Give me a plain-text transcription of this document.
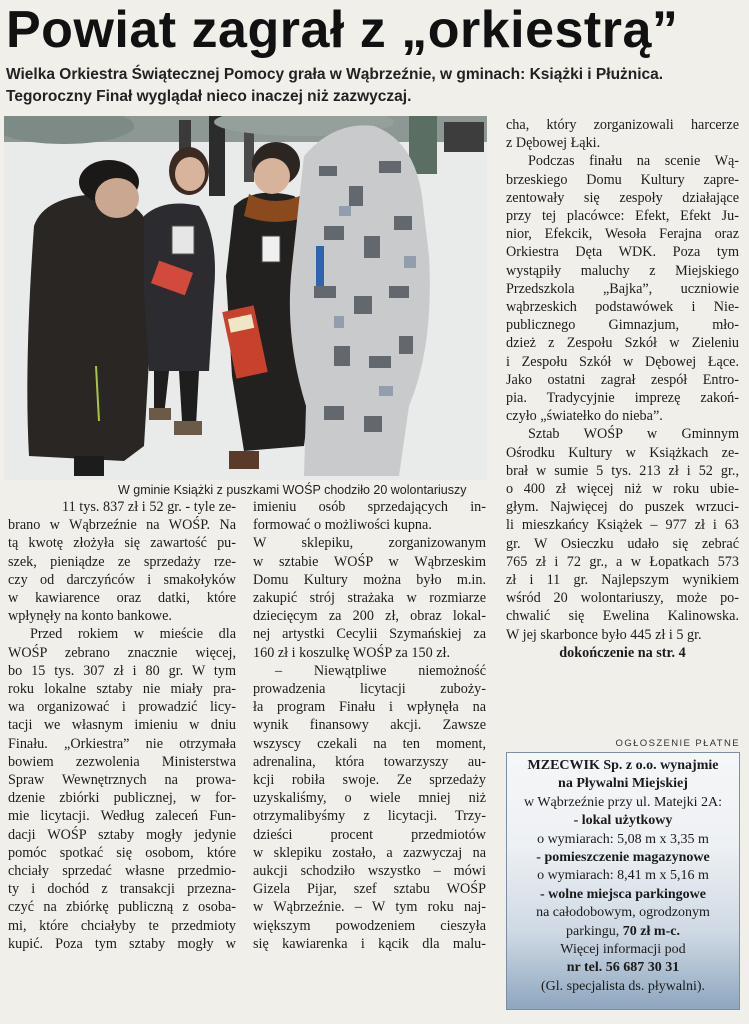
Powiat zagrał z „orkiestrą”
Wielka Orkiestra Świątecznej Pomocy grała w Wąbrzeźnie, w gminach: Książki i Płużnica.
Tegoroczny Finał wyglądał nieco inaczej niż zazwyczaj.
W gminie Książki z puszkami WOŚP chodziło 20 wolontariuszy
11 tys. 837 zł i 52 gr. - tyle ze-
brano w Wąbrzeźnie na WOŚP. Na
tą kwotę złożyła się zawartość pu-
szek, pieniądze ze sprzedaży rze-
czy od darczyńców i smakołyków
w kawiarence oraz datki, które
wpłynęły na konto bankowe.
Przed rokiem w mieście dla
WOŚP zebrano znacznie więcej,
bo 15 tys. 307 zł i 80 gr. W tym
roku lokalne sztaby nie miały pra-
wa organizować i prowadzić licy-
tacji we własnym imieniu w dniu
Finału. „Orkiestra” nie otrzymała
bowiem zezwolenia Ministerstwa
Spraw Wewnętrznych na prowa-
dzenie zbiórki publicznej, w for-
mie licytacji. Według zaleceń Fun-
dacji WOŚP sztaby mogły jedynie
pomóc spotkać się osobom, które
chciały sprzedać własne przedmio-
ty i dochód z transakcji przezna-
czyć na zbiórkę publiczną z osoba-
mi, które chciałyby te przedmioty
kupić. Poza tym sztaby mogły w
imieniu osób sprzedających in-
formować o możliwości kupna.
W sklepiku, zorganizowanym
w sztabie WOŚP w Wąbrzeskim
Domu Kultury można było m.in.
zakupić strój strażaka w rozmiarze
dziecięcym za 200 zł, obraz lokal-
nej artystki Cecylii Szymańskiej za
160 zł i koszulkę WOŚP za 150 zł.
– Niewątpliwe niemożność
prowadzenia licytacji zuboży-
ła program Finału i wpłynęła na
wynik finansowy akcji. Zawsze
wszyscy czekali na ten moment,
adrenalina, która towarzyszy au-
kcji robiła swoje. Ze sprzedaży
uzyskaliśmy, o wiele mniej niż
otrzymalibyśmy z licytacji. Trzy-
dzieści procent przedmiotów
w sklepiku zostało, a zazwyczaj na
aukcji schodziło wszystko – mówi
Gizela Pijar, szef sztabu WOŚP
w Wąbrzeźnie. – W tym roku naj-
większym powodzeniem cieszyła
się kawiarenka i kącik dla malu-
cha, który zorganizowali harcerze
z Dębowej Łąki.
Podczas finału na scenie Wą-
brzeskiego Domu Kultury zapre-
zentowały się zespoły działające
przy tej placówce: Efekt, Efekt Ju-
nior, Efekcik, Wesoła Ferajna oraz
Orkiestra Dęta WDK. Poza tym
wystąpiły maluchy z Miejskiego
Przedszkola „Bajka”, uczniowie
wąbrzeskich podstawówek i Nie-
publicznego Gimnazjum, mło-
dzież z Zespołu Szkół w Zieleniu
i Zespołu Szkół w Dębowej Łące.
Jako ostatni zagrał zespół Entro-
pia. Tradycyjnie imprezę zakoń-
czyło „światełko do nieba”.
Sztab WOŚP w Gminnym
Ośrodku Kultury w Książkach ze-
brał w sumie 5 tys. 213 zł i 52 gr.,
o 400 zł więcej niż w roku ubie-
głym. Najwięcej do puszek wrzuci-
li mieszkańcy Książek – 977 zł i 63
gr. W Osieczku udało się zebrać
765 zł i 72 gr., a w Łopatkach 573
zł i 11 gr. Najlepszym wynikiem
wśród 20 wolontariuszy, może po-
chwalić się Ewelina Kalinowska.
W jej skarbonce było 445 zł i 5 gr.
dokończenie na str. 4
OGŁOSZENIE PŁATNE
MZECWIK Sp. z o.o. wynajmie
na Pływalni Miejskiej
w Wąbrzeźnie przy ul. Matejki 2A:
- lokal użytkowy
o wymiarach: 5,08 m x 3,35 m
- pomieszczenie magazynowe
o wymiarach: 8,41 m x 5,16 m
- wolne miejsca parkingowe
na całodobowym, ogrodzonym
parkingu, 70 zł m-c.
Więcej informacji pod
nr tel. 56 687 30 31
(Gl. specjalista ds. pływalni).
